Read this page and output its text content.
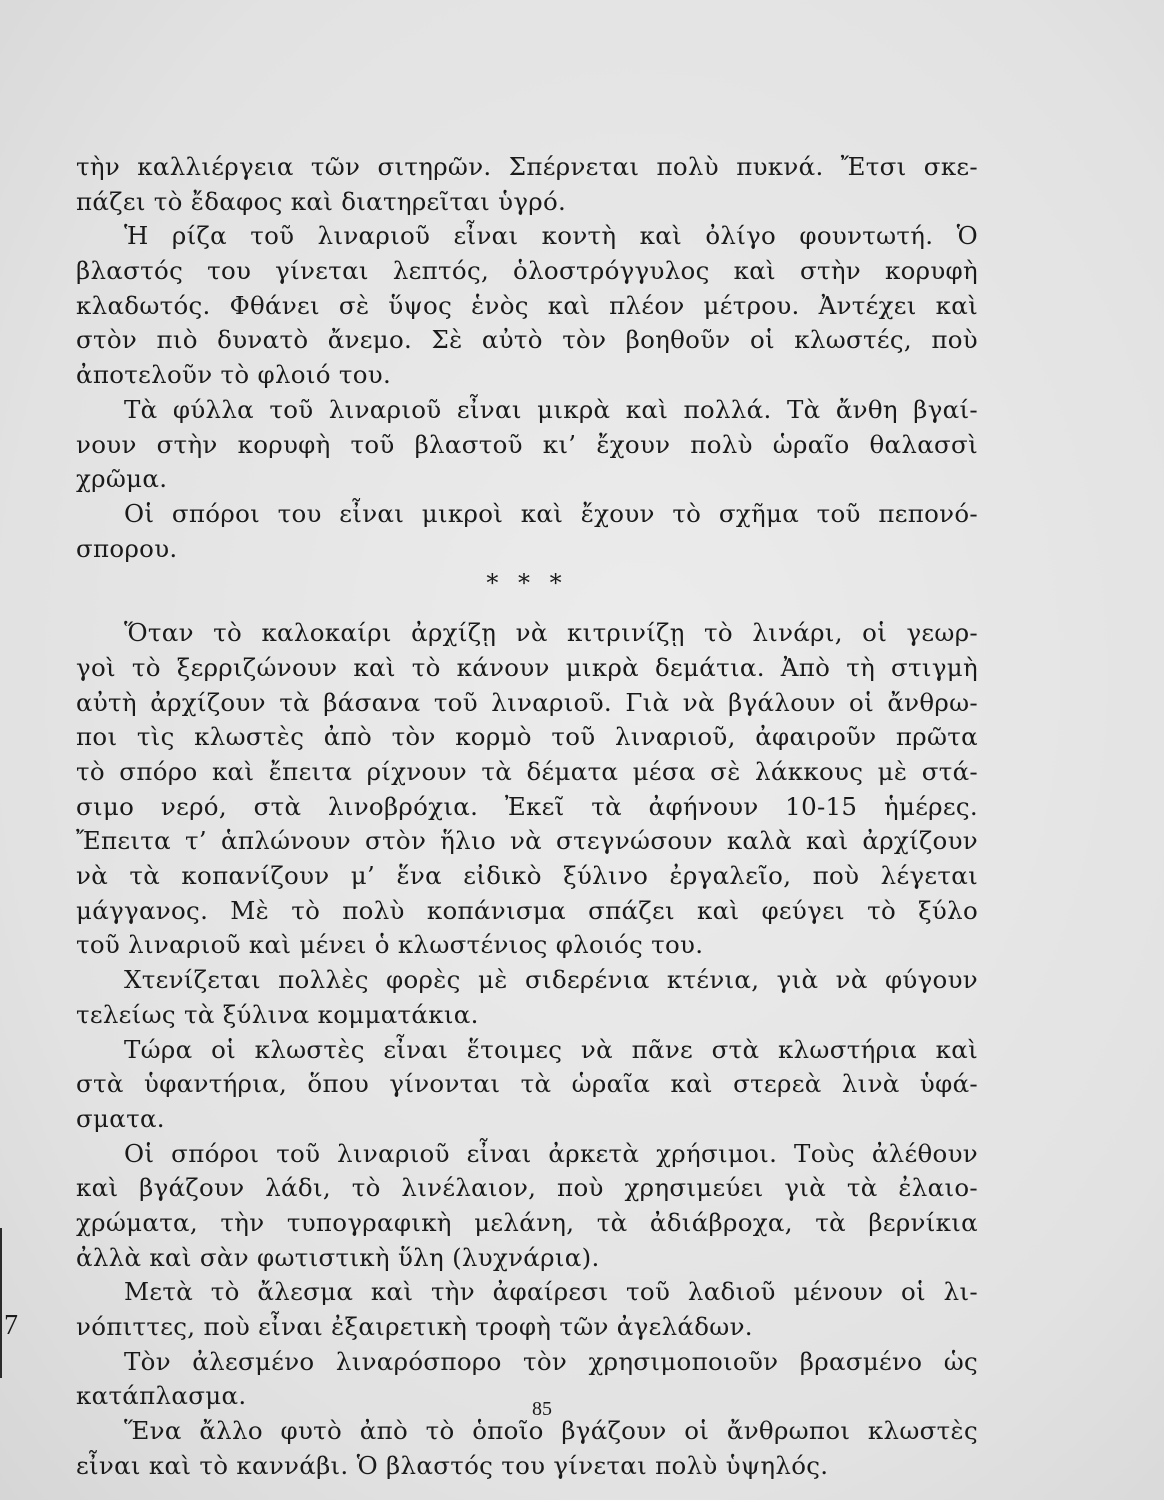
τὴν καλλιέργεια τῶν σιτηρῶν. Σπέρνεται πολὺ πυκνά. Ἔτσι σκε-
πάζει τὸ ἔδαφος καὶ διατηρεῖται ὑγρό.
Ἡ ρίζα τοῦ λιναριοῦ εἶναι κοντὴ καὶ ὀλίγο φουντωτή. Ὁ
βλαστός του γίνεται λεπτός, ὁλοστρόγγυλος καὶ στὴν κορυφὴ
κλαδωτός. Φθάνει σὲ ὕψος ἑνὸς καὶ πλέον μέτρου. Ἀντέχει καὶ
στὸν πιὸ δυνατὸ ἄνεμο. Σὲ αὐτὸ τὸν βοηθοῦν οἱ κλωστές, ποὺ
ἀποτελοῦν τὸ φλοιό του.
Τὰ φύλλα τοῦ λιναριοῦ εἶναι μικρὰ καὶ πολλά. Τὰ ἄνθη βγαί-
νουν στὴν κορυφὴ τοῦ βλαστοῦ κι’ ἔχουν πολὺ ὡραῖο θαλασσὶ
χρῶμα.
Οἱ σπόροι του εἶναι μικροὶ καὶ ἔχουν τὸ σχῆμα τοῦ πεπονό-
σπορου.
* * *
Ὅταν τὸ καλοκαίρι ἀρχίζῃ νὰ κιτρινίζῃ τὸ λινάρι, οἱ γεωρ-
γοὶ τὸ ξερριζώνουν καὶ τὸ κάνουν μικρὰ δεμάτια. Ἀπὸ τὴ στιγμὴ
αὐτὴ ἀρχίζουν τὰ βάσανα τοῦ λιναριοῦ. Γιὰ νὰ βγάλουν οἱ ἄνθρω-
ποι τὶς κλωστὲς ἀπὸ τὸν κορμὸ τοῦ λιναριοῦ, ἀφαιροῦν πρῶτα
τὸ σπόρο καὶ ἔπειτα ρίχνουν τὰ δέματα μέσα σὲ λάκκους μὲ στά-
σιμο νερό, στὰ λινοβρόχια. Ἐκεῖ τὰ ἀφήνουν 10-15 ἡμέρες.
Ἔπειτα τ’ ἁπλώνουν στὸν ἥλιο νὰ στεγνώσουν καλὰ καὶ ἀρχίζουν
νὰ τὰ κοπανίζουν μ’ ἕνα εἰδικὸ ξύλινο ἐργαλεῖο, ποὺ λέγεται
μάγγανος. Μὲ τὸ πολὺ κοπάνισμα σπάζει καὶ φεύγει τὸ ξύλο
τοῦ λιναριοῦ καὶ μένει ὁ κλωστένιος φλοιός του.
Χτενίζεται πολλὲς φορὲς μὲ σιδερένια κτένια, γιὰ νὰ φύγουν
τελείως τὰ ξύλινα κομματάκια.
Τώρα οἱ κλωστὲς εἶναι ἕτοιμες νὰ πᾶνε στὰ κλωστήρια καὶ
στὰ ὑφαντήρια, ὅπου γίνονται τὰ ὡραῖα καὶ στερεὰ λινὰ ὑφά-
σματα.
Οἱ σπόροι τοῦ λιναριοῦ εἶναι ἀρκετὰ χρήσιμοι. Τοὺς ἀλέθουν
καὶ βγάζουν λάδι, τὸ λινέλαιον, ποὺ χρησιμεύει γιὰ τὰ ἐλαιο-
χρώματα, τὴν τυπογραφικὴ μελάνη, τὰ ἀδιάβροχα, τὰ βερνίκια
ἀλλὰ καὶ σὰν φωτιστικὴ ὕλη (λυχνάρια).
Μετὰ τὸ ἄλεσμα καὶ τὴν ἀφαίρεσι τοῦ λαδιοῦ μένουν οἱ λι-
νόπιττες, ποὺ εἶναι ἐξαιρετικὴ τροφὴ τῶν ἀγελάδων.
Τὸν ἀλεσμένο λιναρόσπορο τὸν χρησιμοποιοῦν βρασμένο ὡς
κατάπλασμα.
Ἕνα ἄλλο φυτὸ ἀπὸ τὸ ὁποῖο βγάζουν οἱ ἄνθρωποι κλωστὲς
εἶναι καὶ τὸ καννάβι. Ὁ βλαστός του γίνεται πολὺ ὑψηλός.
7
85
